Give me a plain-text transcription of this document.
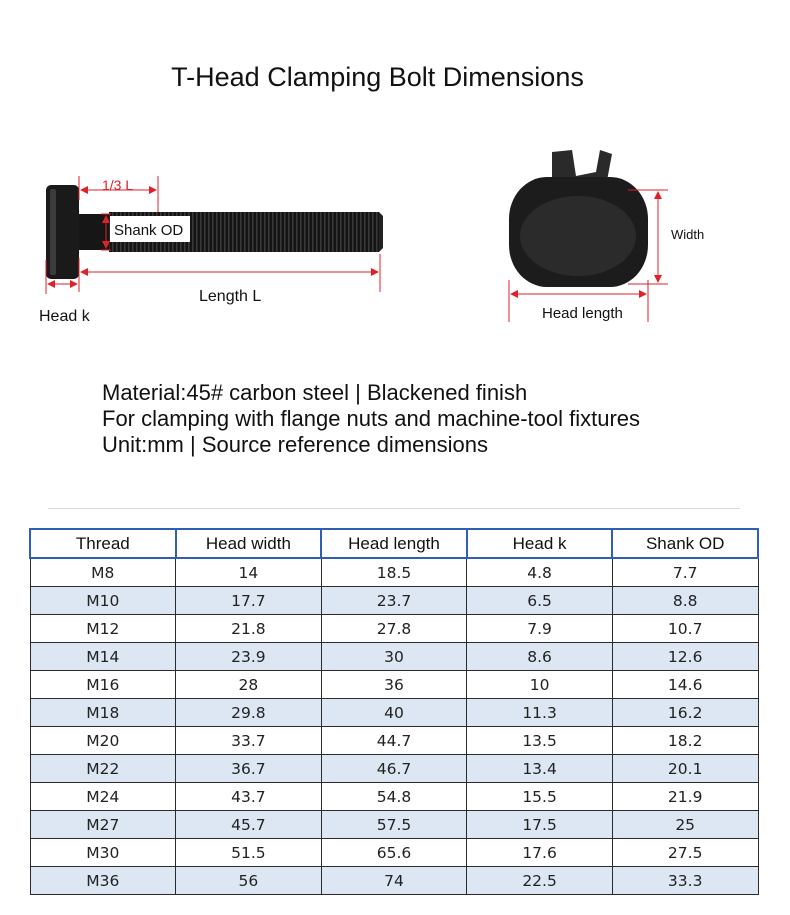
T-Head Clamping Bolt Dimensions
1/3 L
Shank OD
Length L
Head k
Width
Head length
Material:45# carbon steel | Blackened finish
For clamping with flange nuts and machine-tool fixtures
Unit:mm | Source reference dimensions
Thread	Head width	Head length	Head k	Shank OD
M8	14	18.5	4.8	7.7
M10	17.7	23.7	6.5	8.8
M12	21.8	27.8	7.9	10.7
M14	23.9	30	8.6	12.6
M16	28	36	10	14.6
M18	29.8	40	11.3	16.2
M20	33.7	44.7	13.5	18.2
M22	36.7	46.7	13.4	20.1
M24	43.7	54.8	15.5	21.9
M27	45.7	57.5	17.5	25
M30	51.5	65.6	17.6	27.5
M36	56	74	22.5	33.3
